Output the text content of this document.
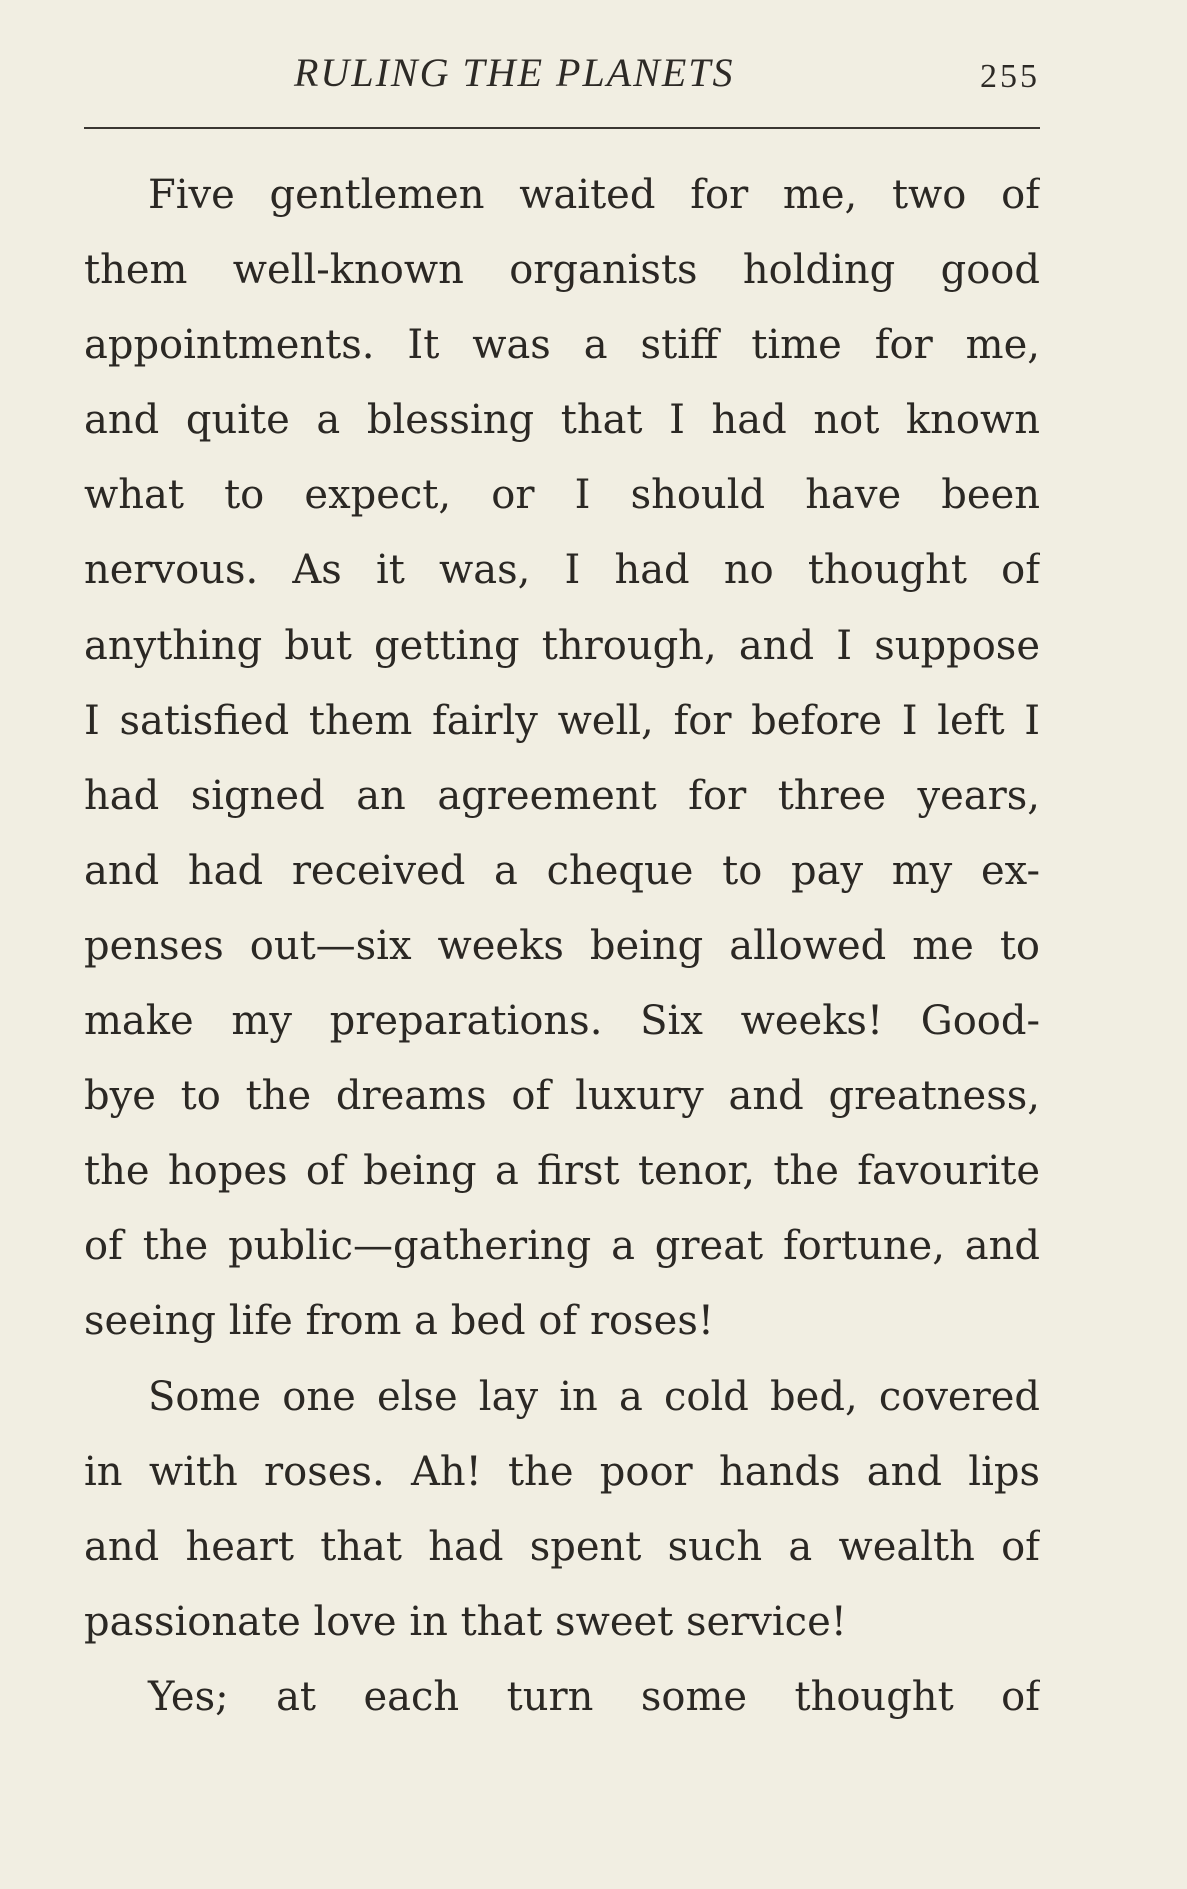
RULING THE PLANETS	255
Five gentlemen waited for me, two of
them well-known organists holding good
appointments. It was a stiff time for me,
and quite a blessing that I had not known
what to expect, or I should have been
nervous. As it was, I had no thought of
anything but getting through, and I suppose
I satisfied them fairly well, for before I left I
had signed an agreement for three years,
and had received a cheque to pay my ex-
penses out—six weeks being allowed me to
make my preparations. Six weeks! Good-
bye to the dreams of luxury and greatness,
the hopes of being a first tenor, the favourite
of the public—gathering a great fortune, and
seeing life from a bed of roses!
Some one else lay in a cold bed, covered
in with roses. Ah! the poor hands and lips
and heart that had spent such a wealth of
passionate love in that sweet service!
Yes; at each turn some thought of
